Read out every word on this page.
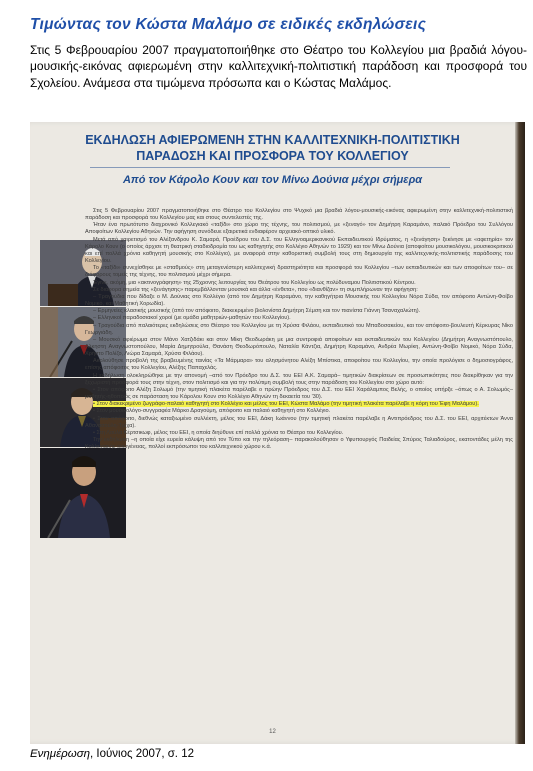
Τιμώντας τον Κώστα Μαλάμο σε ειδικές εκδηλώσεις
Στις 5 Φεβρουαρίου 2007 πραγματοποιήθηκε στο Θέατρο του Κολλεγίου μια βραδιά λόγου-μουσικής-εικόνας αφιερωμένη στην καλλιτεχνική-πολιτιστική παράδοση και προσφορά του Σχολείου. Ανάμεσα στα τιμώμενα πρόσωπα και ο Κώστας Μαλάμος.
ΕΚΔΗΛΩΣΗ ΑΦΙΕΡΩΜΕΝΗ ΣΤΗΝ ΚΑΛΛΙΤΕΧΝΙΚΗ-ΠΟΛΙΤΙΣΤΙΚΗ
ΠΑΡΑΔΟΣΗ ΚΑΙ ΠΡΟΣΦΟΡΑ ΤΟΥ ΚΟΛΛΕΓΙΟΥ
Από τον Κάρολο Κουν και τον Μίνω Δούνια μέχρι σήμερα

Στις 5 Φεβρουαρίου 2007 πραγματοποιήθηκε στο Θέατρο του Κολλεγίου στο Ψυχικό μια βραδιά λόγου-μουσικής-εικόνας αφιερωμένη στην καλλιτεχνική-πολιτιστική παράδοση και προσφορά του Κολλεγίου μας και στους συντελεστές της.

Ήταν ένα πρωτότυπο διαχρονικό Κολλεγιακό «ταξίδι» στο χώρο της τέχνης, του πολιτισμού, με «ξεναγό» τον Δημήτρη Καραμάνο, παλαιό Πρόεδρο του Συλλόγου Αποφοίτων Κολλεγίου Αθηνών. Την αφήγηση συνόδευε εξαιρετικά ενδιαφέρον αρχειακό-οπτικό υλικό.

Μετά από χαιρετισμό του Αλέξανδρου Κ. Σαμαρά, Προέδρου του Δ.Σ. του Ελληνοαμερικανικού Εκπαιδευτικού Ιδρύματος, η «ξενάγηση» ξεκίνησε με «αφετηρία» τον Κάρολο Κουν (ο οποίος άρχισε τη θεατρική σταδιοδρομία του ως καθηγητής στο Κολλέγιο Αθηνών το 1929) και τον Μίνω Δούνια (αποφοίτου μουσικολόγου, μουσικοκριτικού και επί πολλά χρόνια καθηγητή μουσικής στο Κολλέγιο), με αναφορά στην καθοριστική συμβολή τους στη δημιουργία της καλλιτεχνικής-πολιτιστικής παράδοσης του Κολλεγίου.

Το «ταξίδι» συνεχίσθηκε με «σταθμούς» στη μεταγενέστερη καλλιτεχνική δραστηριότητα και προσφορά του Κολλεγίου –των εκπαιδευτικών και των αποφοίτων του– σε διάφορους τομείς της τέχνης, του πολιτισμού μέχρι σήμερα.

Έγινε, ακόμη, μια «ακτινογράφηση» της 25χρονης λειτουργίας του Θεάτρου του Κολλεγίου ως πολύδυναμου Πολιτιστικού Κέντρου.

Σε διάφορα σημεία της «ξενάγησης» παρεμβάλλονταν μουσικά και άλλα «ένθετα», που «διανθίζαν» τη συμπλήρωναν την αφήγηση:

– Τραγούδια που δίδαξε ο Μ. Δούνιας στο Κολλέγιο (από τον Δημήτρη Καραμάνο, την καθηγήτρια Μουσικής του Κολλεγίου Νόρα Σύδα, τον απόφοιτο Αντώνη-Φοίβο Νομικό, και Μαθητική Χορωδία).

– Ερμηνείες κλασικής μουσικής (από τον απόφοιτο, διακεκριμένο βιολονίστα Δημήτρη Σέμση και τον πιανίστα Γιάννη Τσαναχαλιώτη).

– Ελληνικοί παραδοσιακοί χοροί (με ομάδα μαθητριών-μαθητών του Κολλεγίου).

– Τραγούδια από παλαιότερες εκδηλώσεις στο Θέατρο του Κολλεγίου με τη Χρύσα Φιλάου, εκπαιδευτικό του Μπαδοσακείου, και τον απόφοιτο-βουλευτή Κέρκυρας Νίκο Γεωργιάδη.

– Μουσικό αφιέρωμα στον Μάνο Χατζιδάκι και στον Μίκη Θεοδωράκη με μια συντροφιά αποφοίτων και εκπαιδευτικών του Κολλεγίου (Δημήτρη Αναγνωστόπουλο, Αλκηστη Αναγνωστοπούλου, Μαρία Δημητρούλα, Θανάση Θεοδωρόπουλο, Ναταλία Κάντζια, Δημήτρη Καραμάνο, Ανδρέα Μωρίκη, Αντώνη-Φοίβο Νομικό, Νόρα Σύδα, Χρήστο Πολίζο, Λιώρα Σαμαρά, Χρύσα Φιλάου).

Ακολούθησε προβολή της βραβευμένης ταινίας «Τα Μάρμαρα» του αλησμόνητου Αλέξη Μπίστικα, αποφοίτου του Κολλεγίου, την οποία προλόγισε ο δημοσιογράφος, επίσης απόφοιτος του Κολλεγίου, Αλέξης Παπαχελάς.

Η εκδήλωση ολοκληρώθηκε με την απονομή –από τον Πρόεδρο του Δ.Σ. του ΕΕΙ Α.Κ. Σαμαρά– τιμητικών διακρίσεων σε προσωπικότητες που διακρίθηκαν για την ξεχωριστή προσφορά τους στην τέχνη, στον πολιτισμό και για την πολύτιμη συμβολή τους στην παράδοση του Κολλεγίου στο χώρο αυτό:

• Στον απόφοιτο Αλέξη Σολωμό (την τιμητική πλακέτα παρέλαβε ο πρώην Πρόεδρος του Δ.Σ. του ΕΕΙ Χαράλαμπος Βελής, ο οποίος υπήρξε –όπως ο Α. Σολωμός– μαθητής-ηθοποιός σε παράσταση του Κάρολου Κουν στο Κολλέγιο Αθηνών τη δεκαετία του '30).

• Στον διακεκριμένο ζωγράφο-παλαιό καθηγητή στο Κολλέγιο και μέλος του ΕΕΙ, Κώστα Μαλάμο (την τιμητική πλακέτα παρέλαβε η κόρη του Έφη Μαλάμου).

• Στον μουσικολόγο-συγγραφέα Μάρκο Δραγούμη, απόφοιτο και παλαιό καθηγητή στο Κολλέγιο.

• Στον απόφοιτο, διεθνώς καταξιωμένο συλλέκτη, μέλος του ΕΕΙ, Δάκη Ιωάννου (την τιμητική πλακέτα παρέλαβε η Αντιπρόεδρος του Δ.Σ. του ΕΕΙ, αρχιτέκτων Άννα Αθανασούλη-Τρίχα).

• Στη Λούλα Κέρτσικωφ, μέλος του ΕΕΙ, η οποία διηύθυνε επί πολλά χρόνια το Θέατρο του Κολλεγίου.

Την εκδήλωση –η οποία είχε ευρεία κάλυψη από τον Τύπο και την τηλεόραση– παρακολούθησαν ο Υφυπουργός Παιδείας Σπύρος Ταλιαδούρος, εκατοντάδες μέλη της Κολλεγιακής οικογένειας, πολλοί εκπρόσωποι του καλλιτεχνικού χώρου κ.ά.

12
Ενημέρωση, Ιούνιος 2007, σ. 12
